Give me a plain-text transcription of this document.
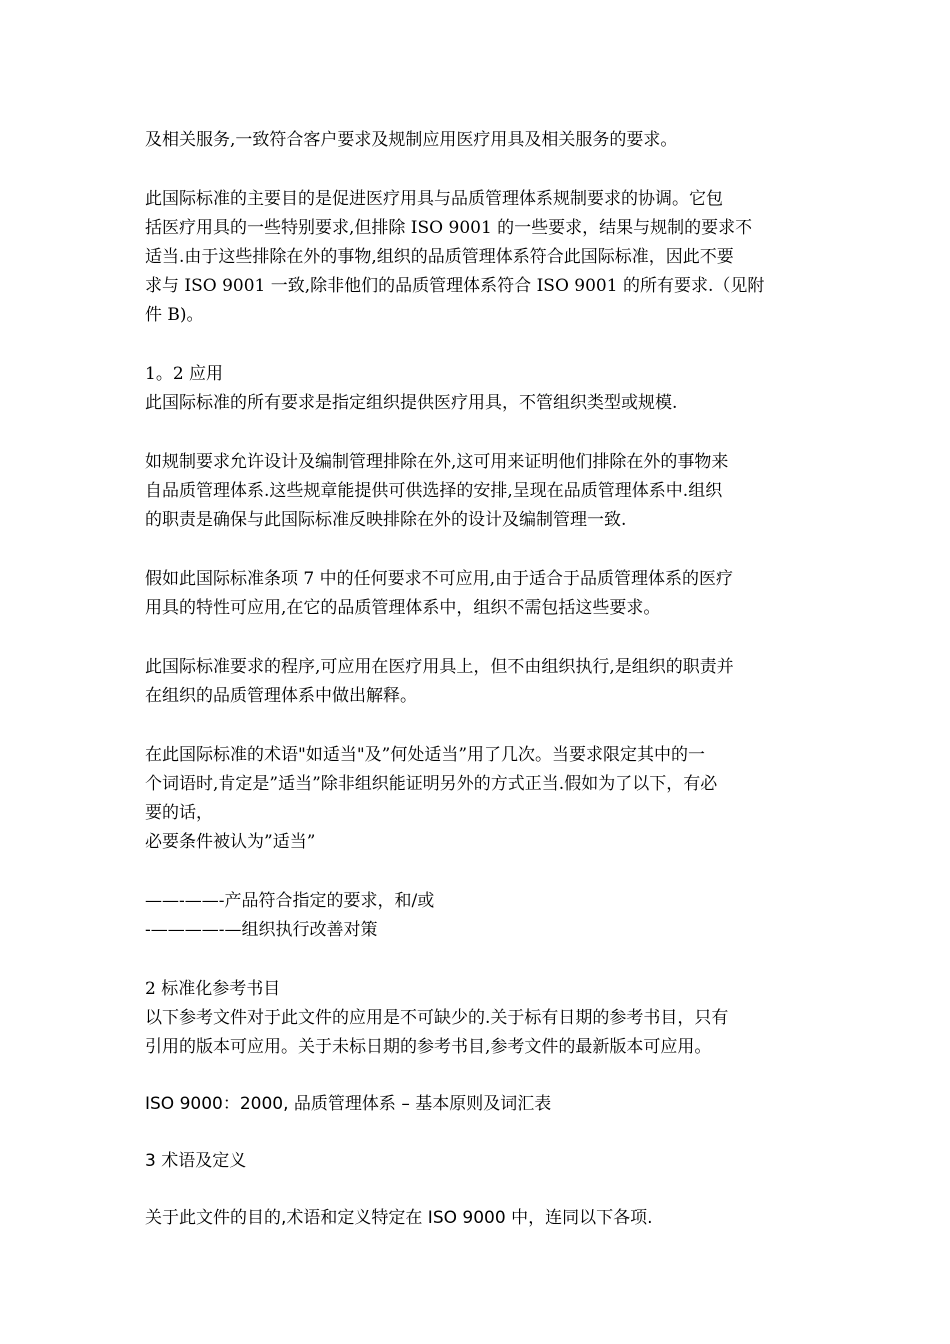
及相关服务,一致符合客户要求及规制应用医疗用具及相关服务的要求。
此国际标准的主要目的是促进医疗用具与品质管理体系规制要求的协调。它包
括医疗用具的一些特别要求,但排除 ISO 9001 的一些要求，结果与规制的要求不
适当.由于这些排除在外的事物,组织的品质管理体系符合此国际标准，因此不要
求与 ISO 9001 一致,除非他们的品质管理体系符合 ISO 9001 的所有要求.（见附
件 B)。
1。2 应用
此国际标准的所有要求是指定组织提供医疗用具，不管组织类型或规模.
如规制要求允许设计及编制管理排除在外,这可用来证明他们排除在外的事物来
自品质管理体系.这些规章能提供可供选择的安排,呈现在品质管理体系中.组织
的职责是确保与此国际标准反映排除在外的设计及编制管理一致.
假如此国际标准条项 7 中的任何要求不可应用,由于适合于品质管理体系的医疗
用具的特性可应用,在它的品质管理体系中，组织不需包括这些要求。
此国际标准要求的程序,可应用在医疗用具上，但不由组织执行,是组织的职责并
在组织的品质管理体系中做出解释。
在此国际标准的术语"如适当"及”何处适当”用了几次。当要求限定其中的一
个词语时,肯定是”适当”除非组织能证明另外的方式正当.假如为了以下，有必
要的话，
必要条件被认为”适当”
——-——-产品符合指定的要求，和/或
-————-—组织执行改善对策
2 标准化参考书目
以下参考文件对于此文件的应用是不可缺少的.关于标有日期的参考书目，只有
引用的版本可应用。关于未标日期的参考书目,参考文件的最新版本可应用。
ISO 9000：2000, 品质管理体系 – 基本原则及词汇表
3 术语及定义
关于此文件的目的,术语和定义特定在 ISO 9000 中，连同以下各项.
